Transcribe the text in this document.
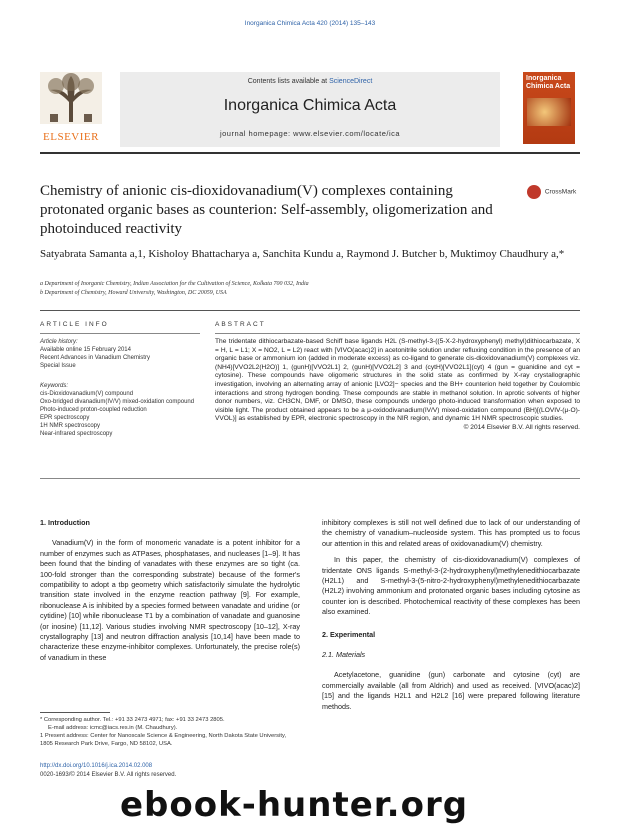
Inorganica Chimica Acta 420 (2014) 135–143
ELSEVIER
Contents lists available at ScienceDirect
Inorganica Chimica Acta
journal homepage: www.elsevier.com/locate/ica
Inorganica Chimica Acta
Chemistry of anionic cis-dioxidovanadium(V) complexes containing protonated organic bases as counterion: Self-assembly, oligomerization and photoinduced reactivity
CrossMark
Satyabrata Samanta a,1, Kisholoy Bhattacharya a, Sanchita Kundu a, Raymond J. Butcher b, Muktimoy Chaudhury a,*
a Department of Inorganic Chemistry, Indian Association for the Cultivation of Science, Kolkata 700 032, India
b Department of Chemistry, Howard University, Washington, DC 20059, USA
ARTICLE INFO	ABSTRACT
Article history:
Available online 15 February 2014
Recent Advances in Vanadium Chemistry
Special Issue
Keywords:
cis-Dioxidovanadium(V) compound
Oxo-bridged divanadium(IV/V) mixed-oxidation compound
Photo-induced proton-coupled reduction
EPR spectroscopy
1H NMR spectroscopy
Near-infrared spectroscopy
The tridentate dithiocarbazate-based Schiff base ligands H2L (S-methyl-3-((5-X-2-hydroxyphenyl) methyl)dithiocarbazate, X = H, L = L1; X = NO2, L = L2) react with [VIVO(acac)2] in acetonitrile solution under refluxing condition in the presence of an organic base or ammonium ion (added in moderate excess) as co-ligand to generate cis-dioxidovanadium(V) complexes viz. (NH4)[VVO2L2(H2O)] 1, (gunH)[VVO2L1] 2, (gunH)[VVO2L2] 3 and (cytH)[VVO2L1](cyt) 4 (gun = guanidine and cyt = cytosine). These compounds have oligomeric structures in the solid state as confirmed by X-ray crystallographic investigation, involving an alternating array of anionic [LVO2]− species and the BH+ counterion held together by Coulombic interactions and strong hydrogen bonding. These compounds are stable in methanol solution. In aprotic solvents of higher donor numbers, viz. CH3CN, DMF, or DMSO, these compounds undergo photo-induced transformation when exposed to visible light. The product obtained appears to be a μ-oxidodivanadium(IV/V) mixed-oxidation compound (BH)[(LOVIV-(μ-O)-VVOL)] as established by EPR, electronic spectroscopy in the NIR region, and dynamic 1H NMR spectroscopic studies.
© 2014 Elsevier B.V. All rights reserved.
1. Introduction
Vanadium(V) in the form of monomeric vanadate is a potent inhibitor for a number of enzymes such as ATPases, phosphatases, and nucleases [1–9]. It has been found that the binding of vanadates with these enzymes are so tight (ca. 100-fold stronger than the corresponding substrate) because of the former's compatibility to adopt a tbp geometry which satisfactorily simulate the hydrolytic transition state involved in the enzyme reaction pathway [9]. For example, ribonuclease A is inhibited by a species formed between vanadate and uridine (or cytidine) [10] while ribonuclease T1 by a combination of vanadate and guanosine (or inosine) [11,12]. Various studies involving NMR spectroscopy [10–12], X-ray crystallography [13] and neutron diffraction analysis [10,14] have been made to characterize these enzyme-inhibitor complexes. Unfortunately, the precise role(s) of vanadium in these
inhibitory complexes is still not well defined due to lack of our understanding of the chemistry of vanadium–nucleoside system. This has prompted us to focus our attention in this and related areas of oxidovanadium(V) chemistry.
In this paper, the chemistry of cis-dioxidovanadium(V) complexes of tridentate ONS ligands S-methyl-3-(2-hydroxyphenyl)methylenedithiocarbazate (H2L1) and S-methyl-3-(5-nitro-2-hydroxyphenyl)methylenedithiocarbazate (H2L2) involving ammonium and protonated organic bases including cytosine as counter ion is described. Photochemical reactivity of these complexes has been also examined.
2. Experimental
2.1. Materials
Acetylacetone, guanidine (gun) carbonate and cytosine (cyt) are commercially available (all from Aldrich) and used as received. [VIVO(acac)2] [15] and the ligands H2L1 and H2L2 [16] were prepared following literature methods.
* Corresponding author. Tel.: +91 33 2473 4971; fax: +91 33 2473 2805.
E-mail address: icmc@iacs.res.in (M. Chaudhury).
1 Present address: Center for Nanoscale Science & Engineering, North Dakota State University, 1805 Research Park Drive, Fargo, ND 58102, USA.
http://dx.doi.org/10.1016/j.ica.2014.02.008
0020-1693/© 2014 Elsevier B.V. All rights reserved.
ebook-hunter.org
